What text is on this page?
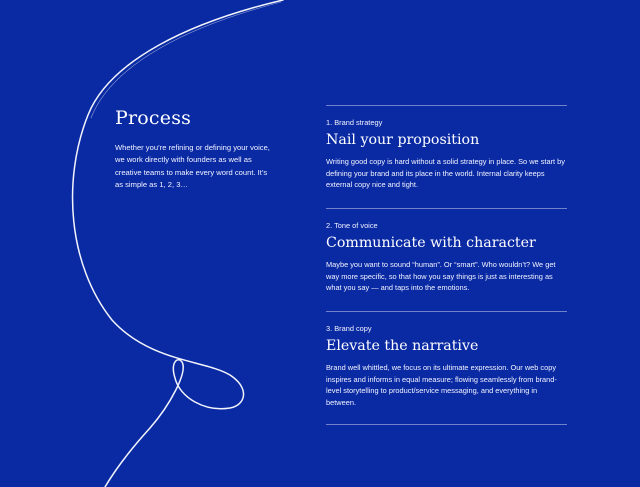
Process

Whether you’re refining or defining your voice, we work directly with founders as well as creative teams to make every word count. It’s as simple as 1, 2, 3…

1. Brand strategy

Nail your proposition

Writing good copy is hard without a solid strategy in place. So we start by defining your brand and its place in the world. Internal clarity keeps external copy nice and tight.

2. Tone of voice

Communicate with character

Maybe you want to sound “human”. Or “smart”. Who wouldn’t? We get way more specific, so that how you say things is just as interesting as what you say — and taps into the emotions.

3. Brand copy

Elevate the narrative

Brand well whittled, we focus on its ultimate expression. Our web copy inspires and informs in equal measure; flowing seamlessly from brand-level storytelling to product/service messaging, and everything in between.
